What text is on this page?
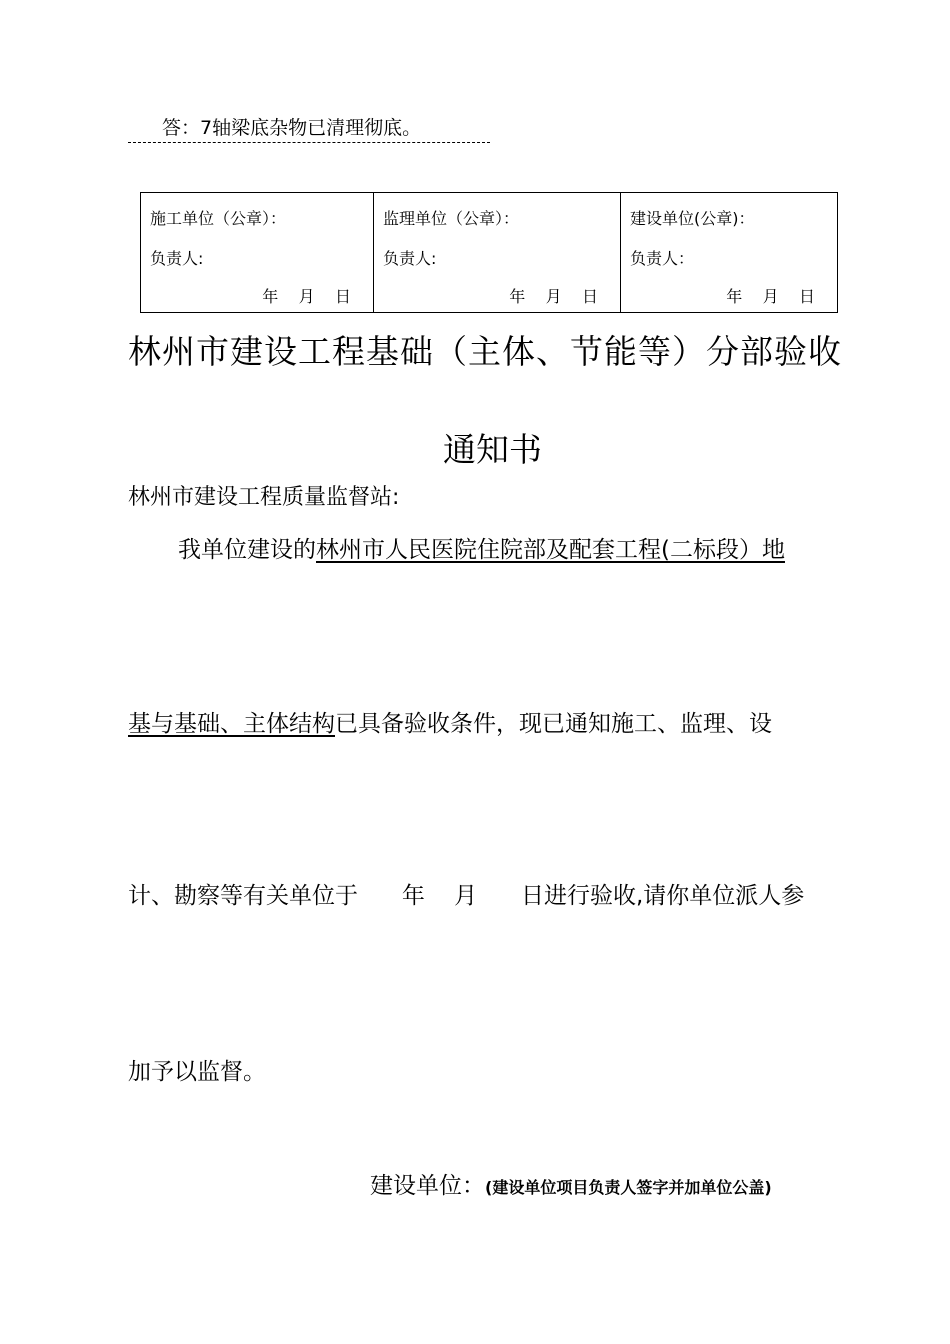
答：7轴梁底杂物已清理彻底。
施工单位（公章）：
负责人:
年    月    日

监理单位（公章）：
负责人:
年    月    日

建设单位(公章)：
负责人：
年    月    日
林州市建设工程基础（主体、节能等）分部验收
通知书
林州市建设工程质量监督站:
我单位建设的林州市人民医院住院部及配套工程(二标段）地
基与基础、主体结构已具备验收条件，现已通知施工、监理、设
计、勘察等有关单位于      年    月      日进行验收,请你单位派人参
加予以监督。
建设单位：(建设单位项目负责人签字并加单位公盖)
